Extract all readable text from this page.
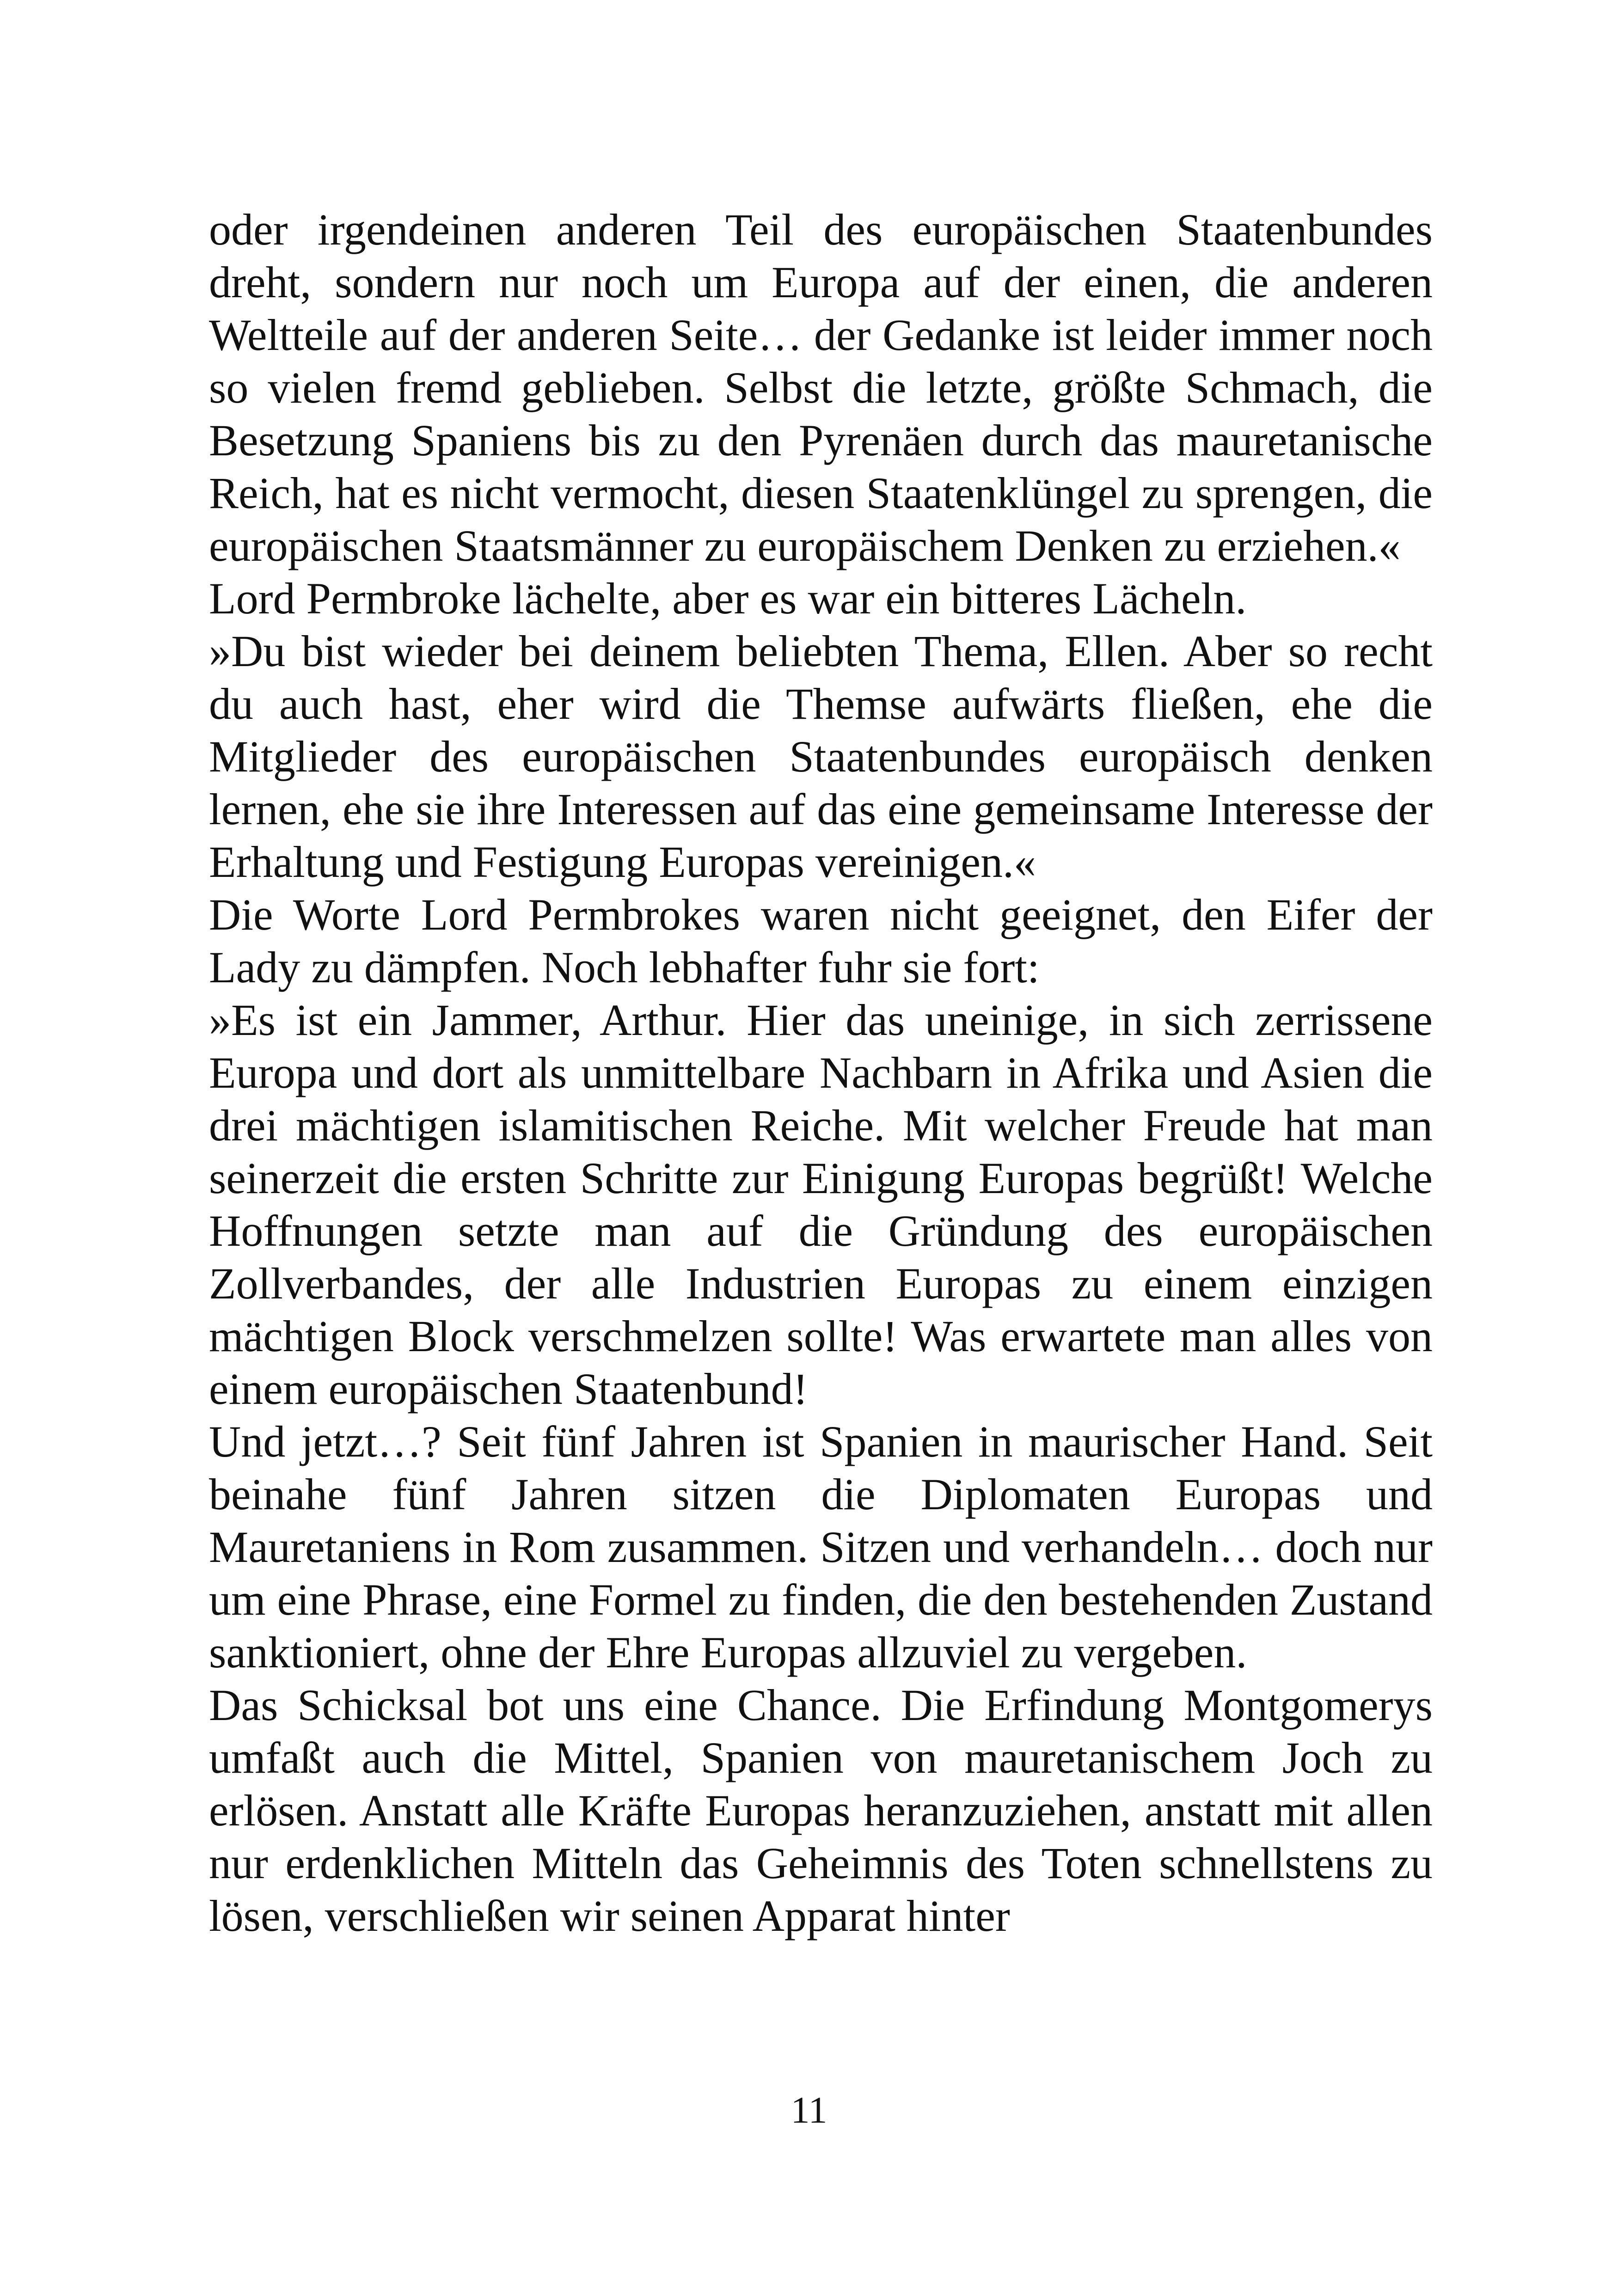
oder irgendeinen anderen Teil des europäischen Staatenbundes dreht, sondern nur noch um Europa auf der einen, die anderen Weltteile auf der anderen Seite… der Gedanke ist leider immer noch so vielen fremd geblieben. Selbst die letzte, größte Schmach, die Besetzung Spaniens bis zu den Pyrenäen durch das mauretanische Reich, hat es nicht vermocht, diesen Staatenklüngel zu sprengen, die europäischen Staatsmänner zu europäischem Denken zu erziehen.«

Lord Permbroke lächelte, aber es war ein bitteres Lächeln.

»Du bist wieder bei deinem beliebten Thema, Ellen. Aber so recht du auch hast, eher wird die Themse aufwärts fließen, ehe die Mitglieder des europäischen Staatenbundes europäisch denken lernen, ehe sie ihre Interessen auf das eine gemeinsame Interesse der Erhaltung und Festigung Europas vereinigen.«

Die Worte Lord Permbrokes waren nicht geeignet, den Eifer der Lady zu dämpfen. Noch lebhafter fuhr sie fort:

»Es ist ein Jammer, Arthur. Hier das uneinige, in sich zerrissene Europa und dort als unmittelbare Nachbarn in Afrika und Asien die drei mächtigen islamitischen Reiche. Mit welcher Freude hat man seinerzeit die ersten Schritte zur Einigung Europas begrüßt! Welche Hoffnungen setzte man auf die Gründung des europäischen Zollverbandes, der alle Industrien Europas zu einem einzigen mächtigen Block verschmelzen sollte! Was erwartete man alles von einem europäischen Staatenbund!

Und jetzt…? Seit fünf Jahren ist Spanien in maurischer Hand. Seit beinahe fünf Jahren sitzen die Diplomaten Europas und Mauretaniens in Rom zusammen. Sitzen und verhandeln… doch nur um eine Phrase, eine Formel zu finden, die den bestehenden Zustand sanktioniert, ohne der Ehre Europas allzuviel zu vergeben.

Das Schicksal bot uns eine Chance. Die Erfindung Montgomerys umfaßt auch die Mittel, Spanien von mauretanischem Joch zu erlösen. Anstatt alle Kräfte Europas heranzuziehen, anstatt mit allen nur erdenklichen Mitteln das Geheimnis des Toten schnellstens zu lösen, verschließen wir seinen Apparat hinter

11
